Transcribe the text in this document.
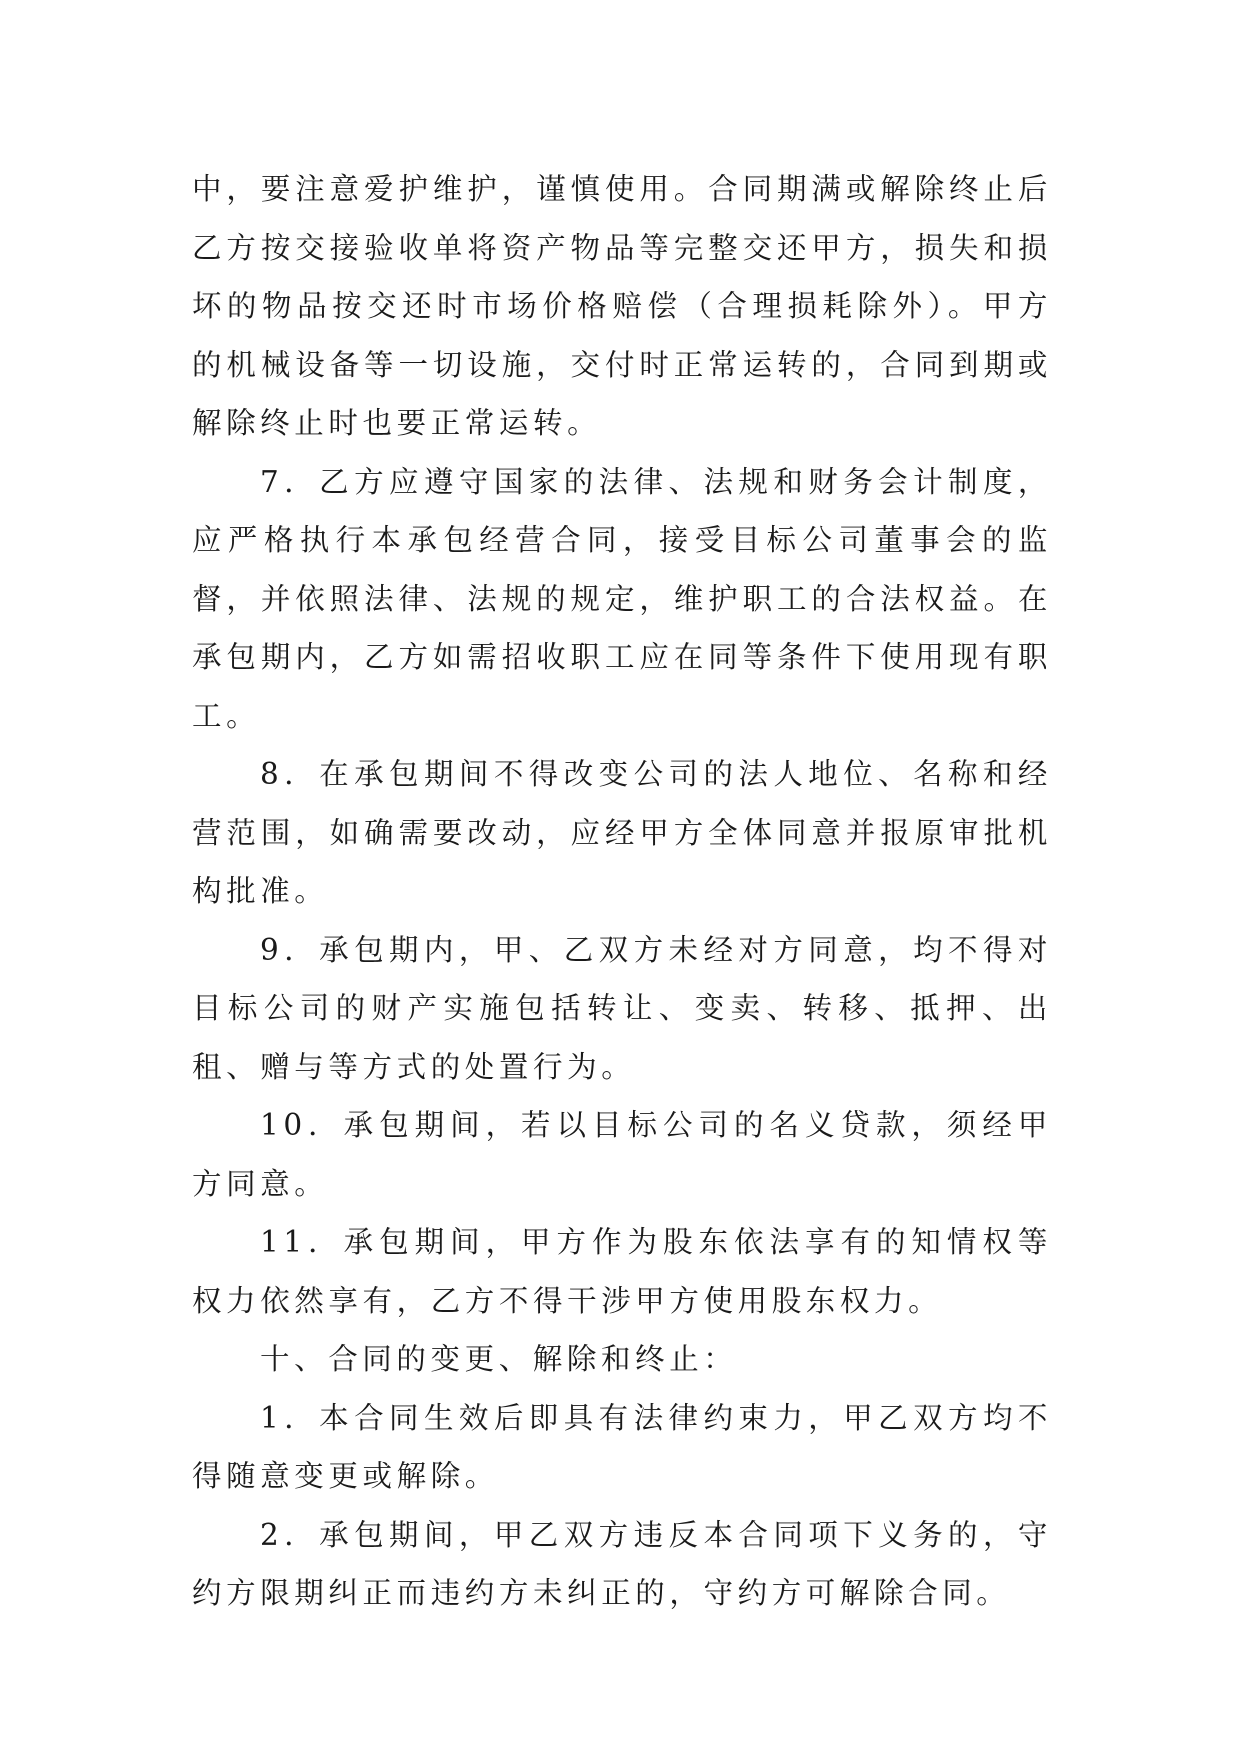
中，要注意爱护维护，谨慎使用。合同期满或解除终止后乙方按交接验收单将资产物品等完整交还甲方，损失和损坏的物品按交还时市场价格赔偿（合理损耗除外）。甲方的机械设备等一切设施，交付时正常运转的，合同到期或解除终止时也要正常运转。

7．乙方应遵守国家的法律、法规和财务会计制度，应严格执行本承包经营合同，接受目标公司董事会的监督，并依照法律、法规的规定，维护职工的合法权益。在承包期内，乙方如需招收职工应在同等条件下使用现有职工。

8．在承包期间不得改变公司的法人地位、名称和经营范围，如确需要改动，应经甲方全体同意并报原审批机构批准。

9．承包期内，甲、乙双方未经对方同意，均不得对目标公司的财产实施包括转让、变卖、转移、抵押、出租、赠与等方式的处置行为。

10．承包期间，若以目标公司的名义贷款，须经甲方同意。

11．承包期间，甲方作为股东依法享有的知情权等权力依然享有，乙方不得干涉甲方使用股东权力。

十、合同的变更、解除和终止：

1．本合同生效后即具有法律约束力，甲乙双方均不得随意变更或解除。

2．承包期间，甲乙双方违反本合同项下义务的，守约方限期纠正而违约方未纠正的，守约方可解除合同。
